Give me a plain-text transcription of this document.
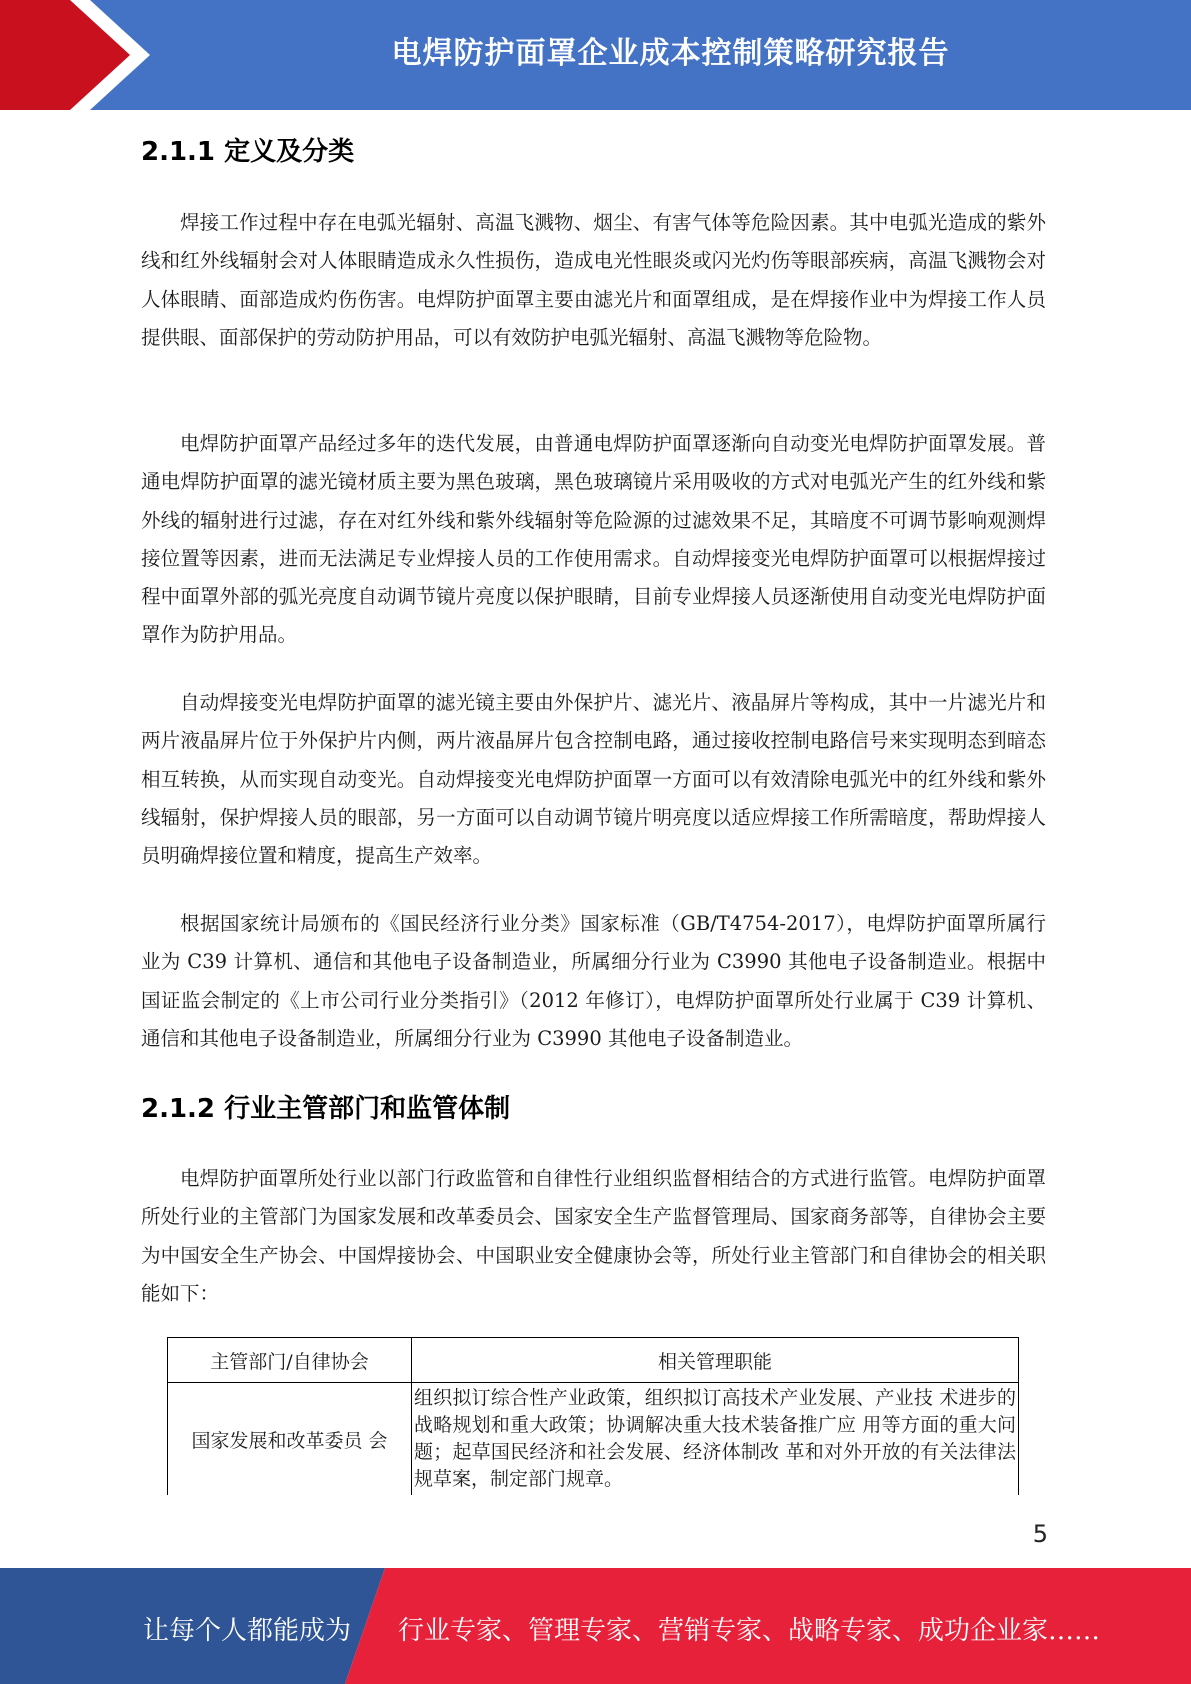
电焊防护面罩企业成本控制策略研究报告
2.1.1 定义及分类

焊接工作过程中存在电弧光辐射、高温飞溅物、烟尘、有害气体等危险因素。其中电弧光造成的紫外线和红外线辐射会对人体眼睛造成永久性损伤，造成电光性眼炎或闪光灼伤等眼部疾病，高温飞溅物会对人体眼睛、面部造成灼伤伤害。电焊防护面罩主要由滤光片和面罩组成，是在焊接作业中为焊接工作人员提供眼、面部保护的劳动防护用品，可以有效防护电弧光辐射、高温飞溅物等危险物。

电焊防护面罩产品经过多年的迭代发展，由普通电焊防护面罩逐渐向自动变光电焊防护面罩发展。普通电焊防护面罩的滤光镜材质主要为黑色玻璃，黑色玻璃镜片采用吸收的方式对电弧光产生的红外线和紫外线的辐射进行过滤，存在对红外线和紫外线辐射等危险源的过滤效果不足，其暗度不可调节影响观测焊接位置等因素，进而无法满足专业焊接人员的工作使用需求。自动焊接变光电焊防护面罩可以根据焊接过程中面罩外部的弧光亮度自动调节镜片亮度以保护眼睛，目前专业焊接人员逐渐使用自动变光电焊防护面罩作为防护用品。

自动焊接变光电焊防护面罩的滤光镜主要由外保护片、滤光片、液晶屏片等构成，其中一片滤光片和两片液晶屏片位于外保护片内侧，两片液晶屏片包含控制电路，通过接收控制电路信号来实现明态到暗态相互转换，从而实现自动变光。自动焊接变光电焊防护面罩一方面可以有效清除电弧光中的红外线和紫外线辐射，保护焊接人员的眼部，另一方面可以自动调节镜片明亮度以适应焊接工作所需暗度，帮助焊接人员明确焊接位置和精度，提高生产效率。

根据国家统计局颁布的《国民经济行业分类》国家标准（GB/T4754-2017），电焊防护面罩所属行业为 C39 计算机、通信和其他电子设备制造业，所属细分行业为 C3990 其他电子设备制造业。根据中国证监会制定的《上市公司行业分类指引》（2012 年修订），电焊防护面罩所处行业属于 C39 计算机、通信和其他电子设备制造业，所属细分行业为 C3990 其他电子设备制造业。

2.1.2 行业主管部门和监管体制

电焊防护面罩所处行业以部门行政监管和自律性行业组织监督相结合的方式进行监管。电焊防护面罩所处行业的主管部门为国家发展和改革委员会、国家安全生产监督管理局、国家商务部等，自律协会主要为中国安全生产协会、中国焊接协会、中国职业安全健康协会等，所处行业主管部门和自律协会的相关职能如下：

主管部门/自律协会	相关管理职能
国家发展和改革委员 会	组织拟订综合性产业政策，组织拟订高技术产业发展、产业技 术进步的战略规划和重大政策；协调解决重大技术装备推广应 用等方面的重大问题；起草国民经济和社会发展、经济体制改 革和对外开放的有关法律法规草案，制定部门规章。
5
让每个人都能成为 行业专家、管理专家、营销专家、战略专家、成功企业家……
